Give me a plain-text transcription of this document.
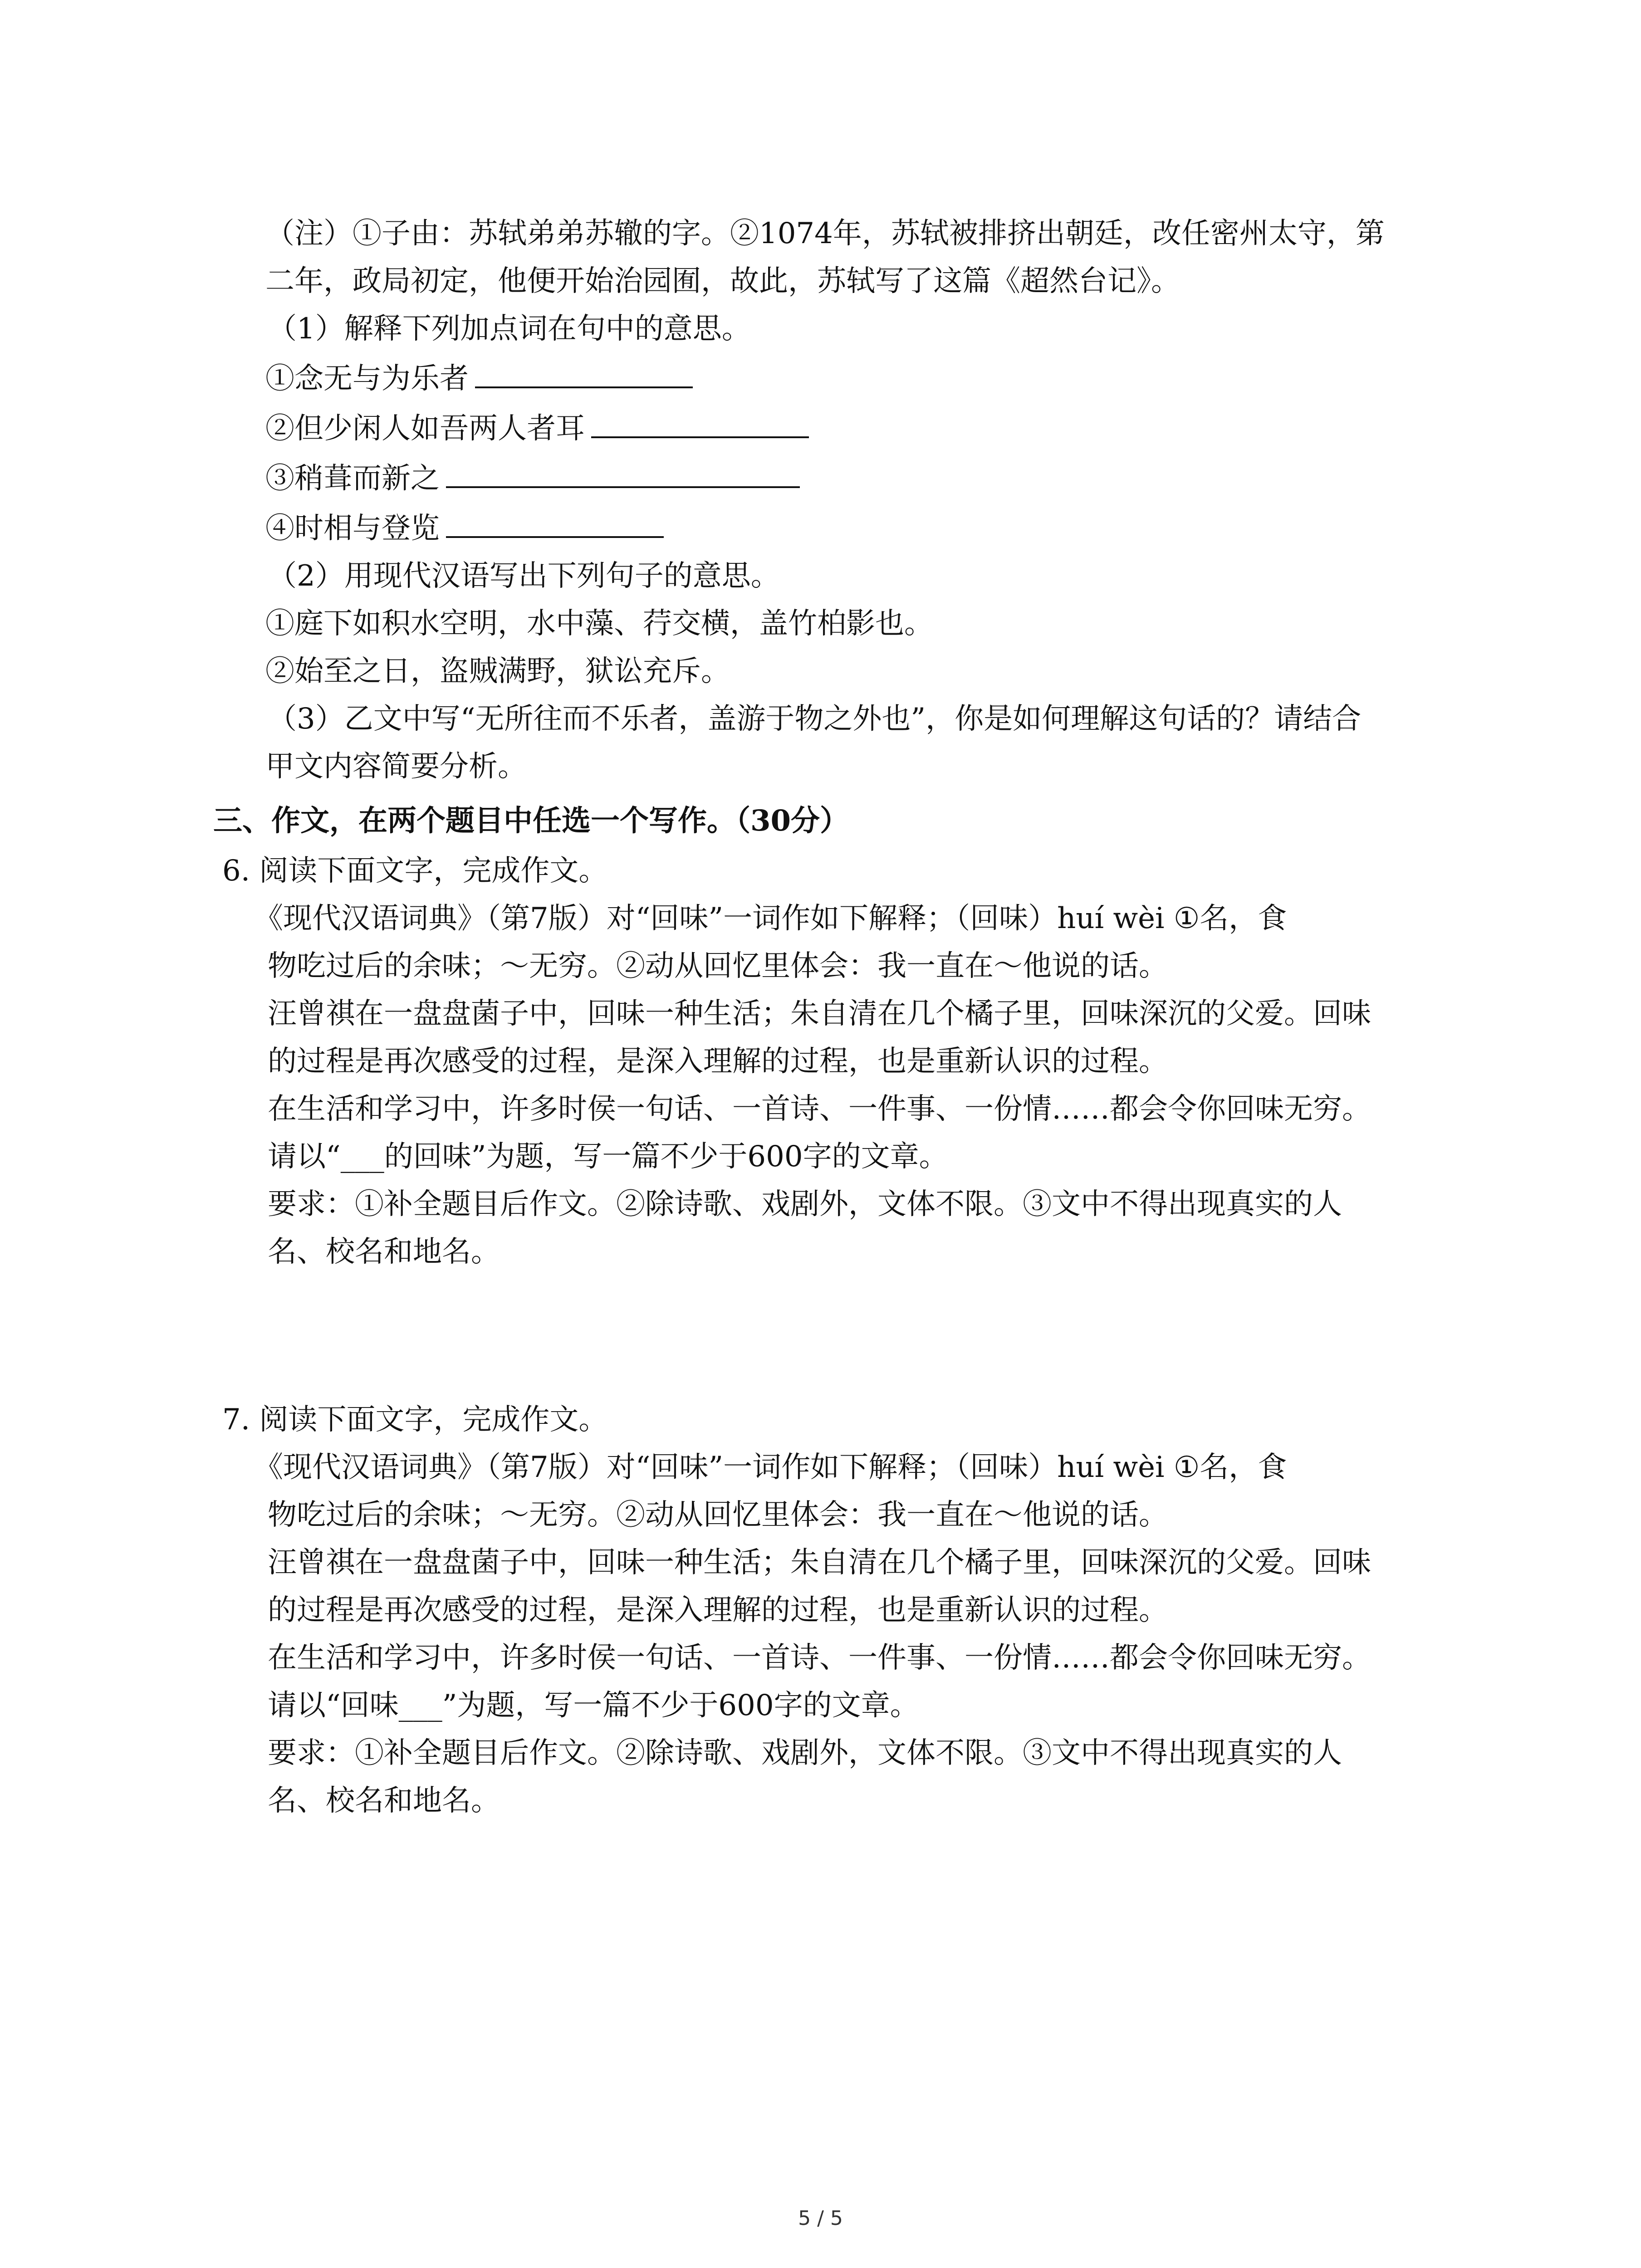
（注）①子由：苏轼弟弟苏辙的字。②1074年，苏轼被排挤出朝廷，改任密州太守，第
二年，政局初定，他便开始治园囿，故此，苏轼写了这篇《超然台记》。
（1）解释下列加点词在句中的意思。
①念无与为乐者
②但少闲人如吾两人者耳
③稍葺而新之
④时相与登览
（2）用现代汉语写出下列句子的意思。
①庭下如积水空明，水中藻、荇交横，盖竹柏影也。
②始至之日，盗贼满野，狱讼充斥。
（3）乙文中写“无所往而不乐者，盖游于物之外也”，你是如何理解这句话的？请结合
甲文内容简要分析。
三、作文，在两个题目中任选一个写作。（30分）
6. 阅读下面文字，完成作文。
《现代汉语词典》（第7版）对“回味”一词作如下解释；（回味）huí wèi ①名，食
物吃过后的余味；～无穷。②动从回忆里体会：我一直在～他说的话。
汪曾祺在一盘盘菌子中，回味一种生活；朱自清在几个橘子里，回味深沉的父爱。回味
的过程是再次感受的过程，是深入理解的过程，也是重新认识的过程。
在生活和学习中，许多时侯一句话、一首诗、一件事、一份情……都会令你回味无穷。
请以“___的回味”为题，写一篇不少于600字的文章。
要求：①补全题目后作文。②除诗歌、戏剧外，文体不限。③文中不得出现真实的人
名、校名和地名。
7. 阅读下面文字，完成作文。
《现代汉语词典》（第7版）对“回味”一词作如下解释；（回味）huí wèi ①名，食
物吃过后的余味；～无穷。②动从回忆里体会：我一直在～他说的话。
汪曾祺在一盘盘菌子中，回味一种生活；朱自清在几个橘子里，回味深沉的父爱。回味
的过程是再次感受的过程，是深入理解的过程，也是重新认识的过程。
在生活和学习中，许多时侯一句话、一首诗、一件事、一份情……都会令你回味无穷。
请以“回味___”为题，写一篇不少于600字的文章。
要求：①补全题目后作文。②除诗歌、戏剧外，文体不限。③文中不得出现真实的人
名、校名和地名。
5 / 5
